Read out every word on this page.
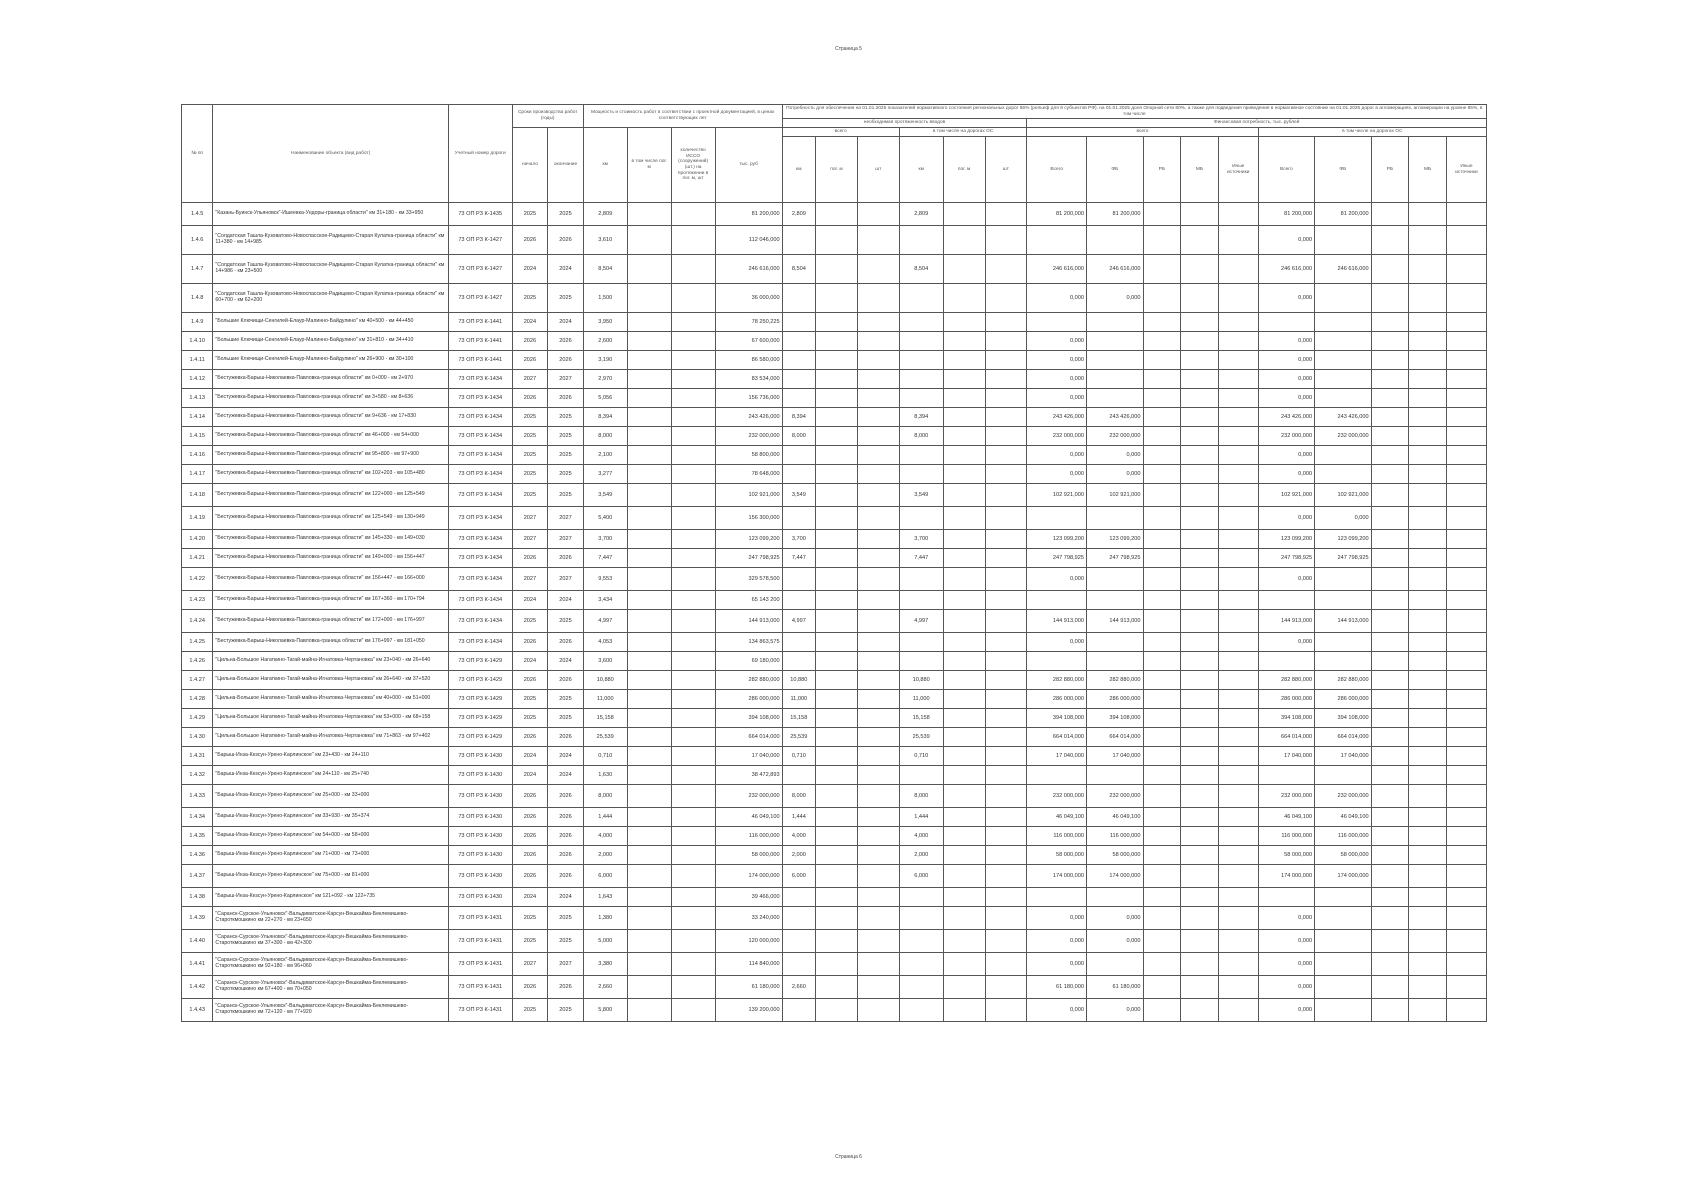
Страница 5
№ пп	Наименование объекта (вид работ)	Учетный номер дороги	Сроки производства работ (годы)		Мощность и стоимость работ в соответствии с проектной документацией, в ценах соответствующих лет				Потребность для обеспечения на 01.01.2025 показателей нормативного состояния региональных дорог 56% (рельеф для 8 субъектов РФ), на 01.01.2025 доля Опорной сети 80%, а также для подведения приведения в нормативное состояние на 01.01.2025 дорог в агломерациях, агломерации на уровне 85%, в том числе															
									необходимая протяженность вводов						Финансовая потребность, тыс. рублей									
			начало	окончание	км	в том числе пог. м	количество ИССО (сооружений) (шт.) на протяжении в пог. м, шт	тыс. руб	всего			в том числе на дорогах ОС			всего					в том числе на дорогах ОС				
									км	пог. м	шт	км	пог. м	шт	Всего	ФБ	РБ	МБ	Иные источники	Всего	ФБ	РБ	МБ	Иные источники
1.4.5	"Казань-Буинск-Ульяновск"-Ишеевка-Ундоры-граница области" км 31+180 - км 33+950	73 ОП РЗ К-1435	2025	2025	2,809			81 200,000	2,809			2,809			81 200,000	81 200,000				81 200,000	81 200,000			
1.4.6	"Солдатская Ташла-Кузоватово-Новоспасское-Радищево-Старая Кулатка-граница области" км 11+380 - км 14+985	73 ОП РЗ К-1427	2026	2026	3,610			112 046,000												0,000				
1.4.7	"Солдатская Ташла-Кузоватово-Новоспасское-Радищево-Старая Кулатка-граница области" км 14+986 - км 23+500	73 ОП РЗ К-1427	2024	2024	8,504			246 616,000	8,504			8,504			246 616,000	246 616,000				246 616,000	246 616,000			
1.4.8	"Солдатская Ташла-Кузоватово-Новоспасское-Радищево-Старая Кулатка-граница области" км 60+700 - км 62+200	73 ОП РЗ К-1427	2025	2025	1,500			36 000,000							0,000	0,000				0,000				
1.4.9	"Большие Ключищи-Сенгилей-Елаур-Малинно-Байдулино" км 40+500 - км 44+450	73 ОП РЗ К-1441	2024	2024	3,950			78 250,225																
1.4.10	"Большие Ключищи-Сенгилей-Елаур-Малинно-Байдулино" км 31+810 - км 34+410	73 ОП РЗ К-1441	2026	2026	2,600			67 600,000							0,000					0,000				
1.4.11	"Большие Ключищи-Сенгилей-Елаур-Малинно-Байдулино" км 26+900 - км 30+100	73 ОП РЗ К-1441	2026	2026	3,190			86 580,000							0,000					0,000				
1.4.12	"Бестужевка-Барыш-Николаевка-Павловка-граница области" км 0+000 - км 2+970	73 ОП РЗ К-1434	2027	2027	2,970			83 534,000							0,000					0,000				
1.4.13	"Бестужевка-Барыш-Николаевка-Павловка-граница области" км 3+580 - км 8+636	73 ОП РЗ К-1434	2026	2026	5,056			156 736,000							0,000					0,000				
1.4.14	"Бестужевка-Барыш-Николаевка-Павловка-граница области" км 9+636 - км 17+830	73 ОП РЗ К-1434	2025	2025	8,394			243 426,000	8,394			8,394			243 426,000	243 426,000				243 426,000	243 426,000			
1.4.15	"Бестужевка-Барыш-Николаевка-Павловка-граница области" км 46+000 - км 54+000	73 ОП РЗ К-1434	2025	2025	8,000			232 000,000	8,000			8,000			232 000,000	232 000,000				232 000,000	232 000,000			
1.4.16	"Бестужевка-Барыш-Николаевка-Павловка-граница области" км 95+800 - км 97+900	73 ОП РЗ К-1434	2025	2025	2,100			58 800,000							0,000	0,000				0,000				
1.4.17	"Бестужевка-Барыш-Николаевка-Павловка-граница области" км 102+203 - км 105+480	73 ОП РЗ К-1434	2025	2025	3,277			78 648,000							0,000	0,000				0,000				
1.4.18	"Бестужевка-Барыш-Николаевка-Павловка-граница области" км 122+000 - км 125+549	73 ОП РЗ К-1434	2025	2025	3,549			102 921,000	3,549			3,549			102 921,000	102 921,000				102 921,000	102 921,000			
1.4.19	"Бестужевка-Барыш-Николаевка-Павловка-граница области" км 125+549 - км 130+949	73 ОП РЗ К-1434	2027	2027	5,400			156 300,000												0,000	0,000			
1.4.20	"Бестужевка-Барыш-Николаевка-Павловка-граница области" км 145+330 - км 149+030	73 ОП РЗ К-1434	2027	2027	3,700			123 099,200	3,700			3,700			123 099,200	123 099,200				123 099,200	123 099,200			
1.4.21	"Бестужевка-Барыш-Николаевка-Павловка-граница области" км 149+000 - км 156+447	73 ОП РЗ К-1434	2026	2026	7,447			247 798,925	7,447			7,447			247 798,925	247 798,925				247 798,925	247 798,925			
1.4.22	"Бестужевка-Барыш-Николаевка-Павловка-граница области" км 156+447 - км 166+000	73 ОП РЗ К-1434	2027	2027	9,553			329 578,500							0,000					0,000				
1.4.23	"Бестужевка-Барыш-Николаевка-Павловка-граница области" км 167+360 - км 170+794	73 ОП РЗ К-1434	2024	2024	3,434			65 143 200																
1.4.24	"Бестужевка-Барыш-Николаевка-Павловка-граница области" км 172+000 - км 176+997	73 ОП РЗ К-1434	2025	2025	4,997			144 913,000	4,997			4,997			144 913,000	144 913,000				144 913,000	144 913,000			
1.4.25	"Бестужевка-Барыш-Николаевка-Павловка-граница области" км 176+997 - км 181+050	73 ОП РЗ К-1434	2026	2026	4,053			134 863,575							0,000					0,000				
1.4.26	"Цильна-Большое Нагаткино-Тагай-майна-Игнатовка-Чертановка" км 23+040 - км 26+640	73 ОП РЗ К-1429	2024	2024	3,600			69 180,000																
1.4.27	"Цильна-Большое Нагаткино-Тагай-майна-Игнатовка-Чертановка" км 26+640 - км 37+520	73 ОП РЗ К-1429	2026	2026	10,880			282 880,000	10,880			10,880			282 880,000	282 880,000				282 880,000	282 880,000			
1.4.28	"Цильна-Большое Нагаткино-Тагай-майна-Игнатовка-Чертановка" км 40+000 - км 51+000	73 ОП РЗ К-1429	2025	2025	11,000			286 000,000	11,000			11,000			286 000,000	286 000,000				286 000,000	286 000,000			
1.4.29	"Цильна-Большое Нагаткино-Тагай-майна-Игнатовка-Чертановка" км 53+000 - км 68+158	73 ОП РЗ К-1429	2025	2025	15,158			394 108,000	15,158			15,158			394 108,000	394 108,000				394 108,000	394 108,000			
1.4.30	"Цильна-Большое Нагаткино-Тагай-майна-Игнатовка-Чертановка" км 71+863 - км 97+402	73 ОП РЗ К-1429	2026	2026	25,539			664 014,000	25,539			25,539			664 014,000	664 014,000				664 014,000	664 014,000			
1.4.31	"Барыш-Инза-Кезсун-Урено-Карлинское" км 23+430 - км 24+110	73 ОП РЗ К-1430	2024	2024	0,710			17 040,000	0,710			0,710			17 040,000	17 040,000				17 040,000	17 040,000			
1.4.32	"Барыш-Инза-Кезсун-Урено-Карлинское" км 24+110 - км 25+740	73 ОП РЗ К-1430	2024	2024	1,630			38 472,893																
1.4.33	"Барыш-Инза-Кезсун-Урено-Карлинское" км 25+000 - км 33+000	73 ОП РЗ К-1430	2026	2026	8,000			232 000,000	8,000			8,000			232 000,000	232 000,000				232 000,000	232 000,000			
1.4.34	"Барыш-Инза-Кезсун-Урено-Карлинское" км 33+930 - км 35+374	73 ОП РЗ К-1430	2026	2026	1,444			46 049,100	1,444			1,444			46 049,100	46 049,100				46 049,100	46 049,100			
1.4.35	"Барыш-Инза-Кезсун-Урено-Карлинское" км 54+000 - км 58+000	73 ОП РЗ К-1430	2026	2026	4,000			116 000,000	4,000			4,000			116 000,000	116 000,000				116 000,000	116 000,000			
1.4.36	"Барыш-Инза-Кезсун-Урено-Карлинское" км 71+000 - км 73+000	73 ОП РЗ К-1430	2026	2026	2,000			58 000,000	2,000			2,000			58 000,000	58 000,000				58 000,000	58 000,000			
1.4.37	"Барыш-Инза-Кезсун-Урено-Карлинское" км 75+000 - км 81+000	73 ОП РЗ К-1430	2026	2026	6,000			174 000,000	6,000			6,000			174 000,000	174 000,000				174 000,000	174 000,000			
1.4.38	"Барыш-Инза-Кезсун-Урено-Карлинское" км 121+092 - км 122+735	73 ОП РЗ К-1430	2024	2024	1,643			39 466,000																
1.4.39	"Саранск-Сурское-Ульяновск"-Вальдиватское-Карсун-Вешкайма-Беклемишево-Староткмошкино км 22+270 - км 23+650	73 ОП РЗ К-1431	2025	2025	1,380			33 240,000							0,000	0,000				0,000				
1.4.40	"Саранск-Сурское-Ульяновск"-Вальдиватское-Карсун-Вешкайма-Беклемишево-Староткмошкино км 37+300 - км 42+300	73 ОП РЗ К-1431	2025	2025	5,000			120 000,000							0,000	0,000				0,000				
1.4.41	"Саранск-Сурское-Ульяновск"-Вальдиватское-Карсун-Вешкайма-Беклемишево-Староткмошкино км 92+180 - км 96+060	73 ОП РЗ К-1431	2027	2027	3,380			114 840,000							0,000					0,000				
1.4.42	"Саранск-Сурское-Ульяновск"-Вальдиватское-Карсун-Вешкайма-Беклемишево-Староткмошкино км 67+400 - км 70+050	73 ОП РЗ К-1431	2026	2026	2,660			61 180,000	2,660						61 180,000	61 180,000				0,000				
1.4.43	"Саранск-Сурское-Ульяновск"-Вальдиватское-Карсун-Вешкайма-Беклемишево-Староткмошкино км 72+120 - км 77+920	73 ОП РЗ К-1431	2025	2025	5,800			139 200,000							0,000	0,000				0,000				
Страница 6
